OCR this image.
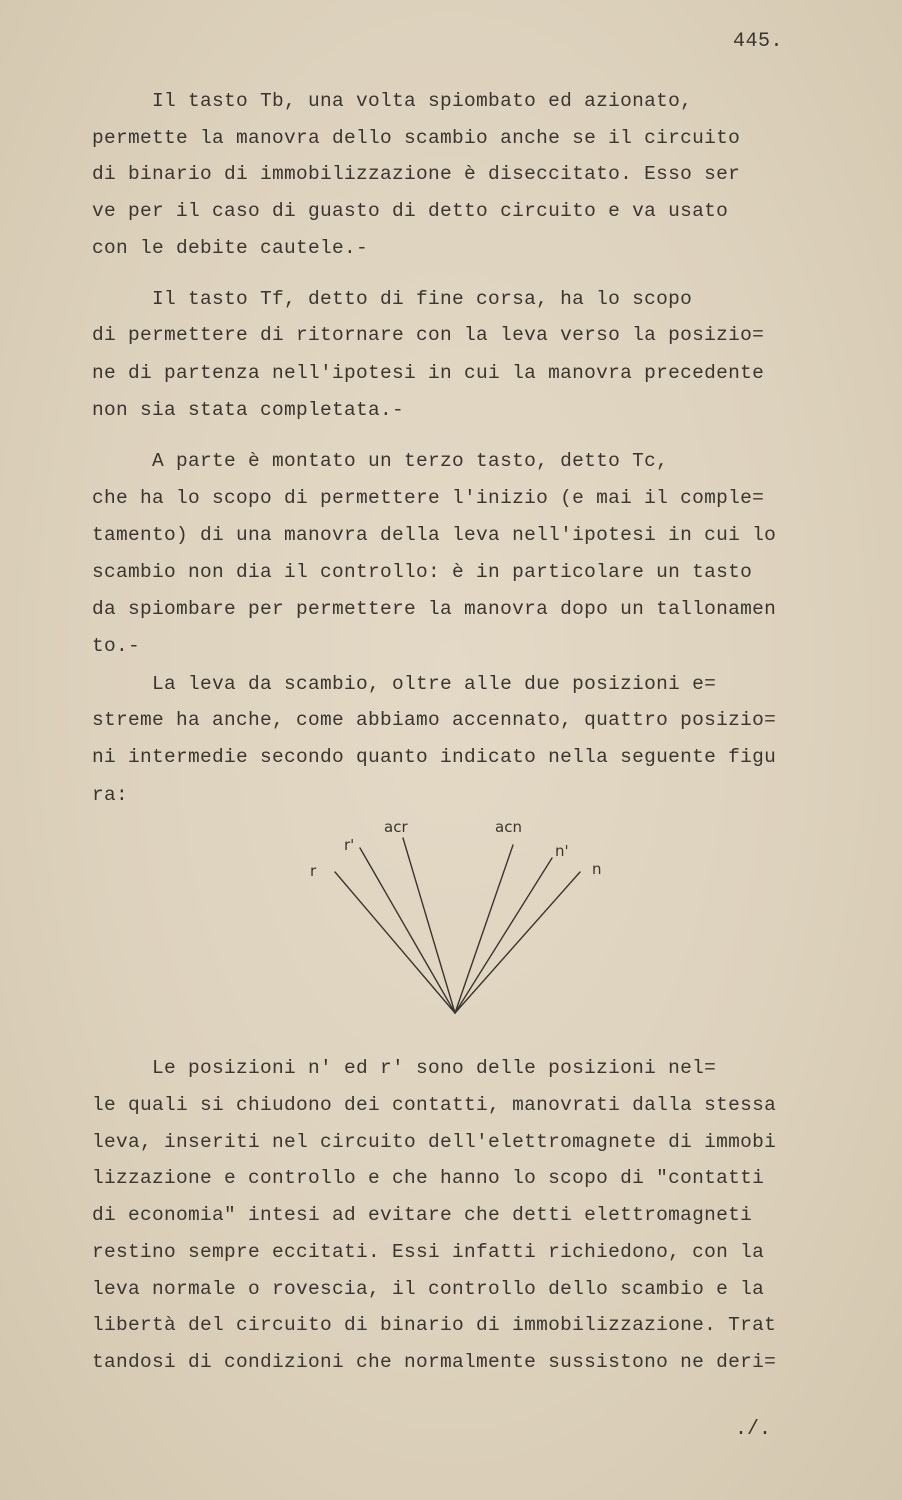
445.
Il tasto Tb, una volta spiombato ed azionato,
permette la manovra dello scambio anche se il circuito
di binario di immobilizzazione è diseccitato. Esso ser
ve per il caso di guasto di detto circuito e va usato
con le debite cautele.-
Il tasto Tf, detto di fine corsa, ha lo scopo
di permettere di ritornare con la leva verso la posizio=
ne di partenza nell'ipotesi in cui la manovra precedente
non sia stata completata.-
A parte è montato un terzo tasto, detto Tc,
che ha lo scopo di permettere l'inizio (e mai il comple=
tamento) di una manovra della leva nell'ipotesi in cui lo
scambio non dia il controllo: è in particolare un tasto
da spiombare per permettere la manovra dopo un tallonamen
to.-
La leva da scambio, oltre alle due posizioni e=
streme ha anche, come abbiamo accennato, quattro posizio=
ni intermedie secondo quanto indicato nella seguente figu
ra:
r
r'
acr	acn
n'
n
Le posizioni n' ed r' sono delle posizioni nel=
le quali si chiudono dei contatti, manovrati dalla stessa
leva, inseriti nel circuito dell'elettromagnete di immobi
lizzazione e controllo e che hanno lo scopo di "contatti
di economia" intesi ad evitare che detti elettromagneti
restino sempre eccitati. Essi infatti richiedono, con la
leva normale o rovescia, il controllo dello scambio e la
libertà del circuito di binario di immobilizzazione. Trat
tandosi di condizioni che normalmente sussistono ne deri=
./.
